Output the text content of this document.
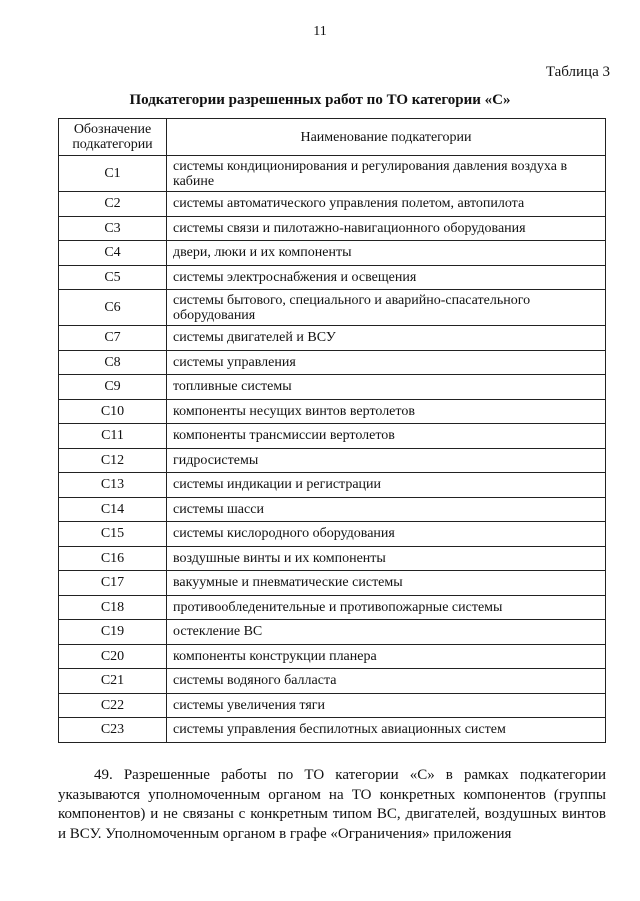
11
Таблица 3
Подкатегории разрешенных работ по ТО категории «С»
Обозначение подкатегории	Наименование подкатегории
С1	системы кондиционирования и регулирования давления воздуха в кабине
С2	системы автоматического управления полетом, автопилота
С3	системы связи и пилотажно-навигационного оборудования
С4	двери, люки и их компоненты
С5	системы электроснабжения и освещения
С6	системы бытового, специального и аварийно-спасательного оборудования
С7	системы двигателей и ВСУ
С8	системы управления
С9	топливные системы
С10	компоненты несущих винтов вертолетов
С11	компоненты трансмиссии вертолетов
С12	гидросистемы
С13	системы индикации и регистрации
С14	системы шасси
С15	системы кислородного оборудования
С16	воздушные винты и их компоненты
С17	вакуумные и пневматические системы
С18	противообледенительные и противопожарные системы
С19	остекление ВС
С20	компоненты конструкции планера
С21	системы водяного балласта
С22	системы увеличения тяги
С23	системы управления беспилотных авиационных систем

49. Разрешенные работы по ТО категории «С» в рамках подкатегории указываются уполномоченным органом на ТО конкретных компонентов (группы компонентов) и не связаны с конкретным типом ВС, двигателей, воздушных винтов и ВСУ. Уполномоченным органом в графе «Ограничения» приложения
